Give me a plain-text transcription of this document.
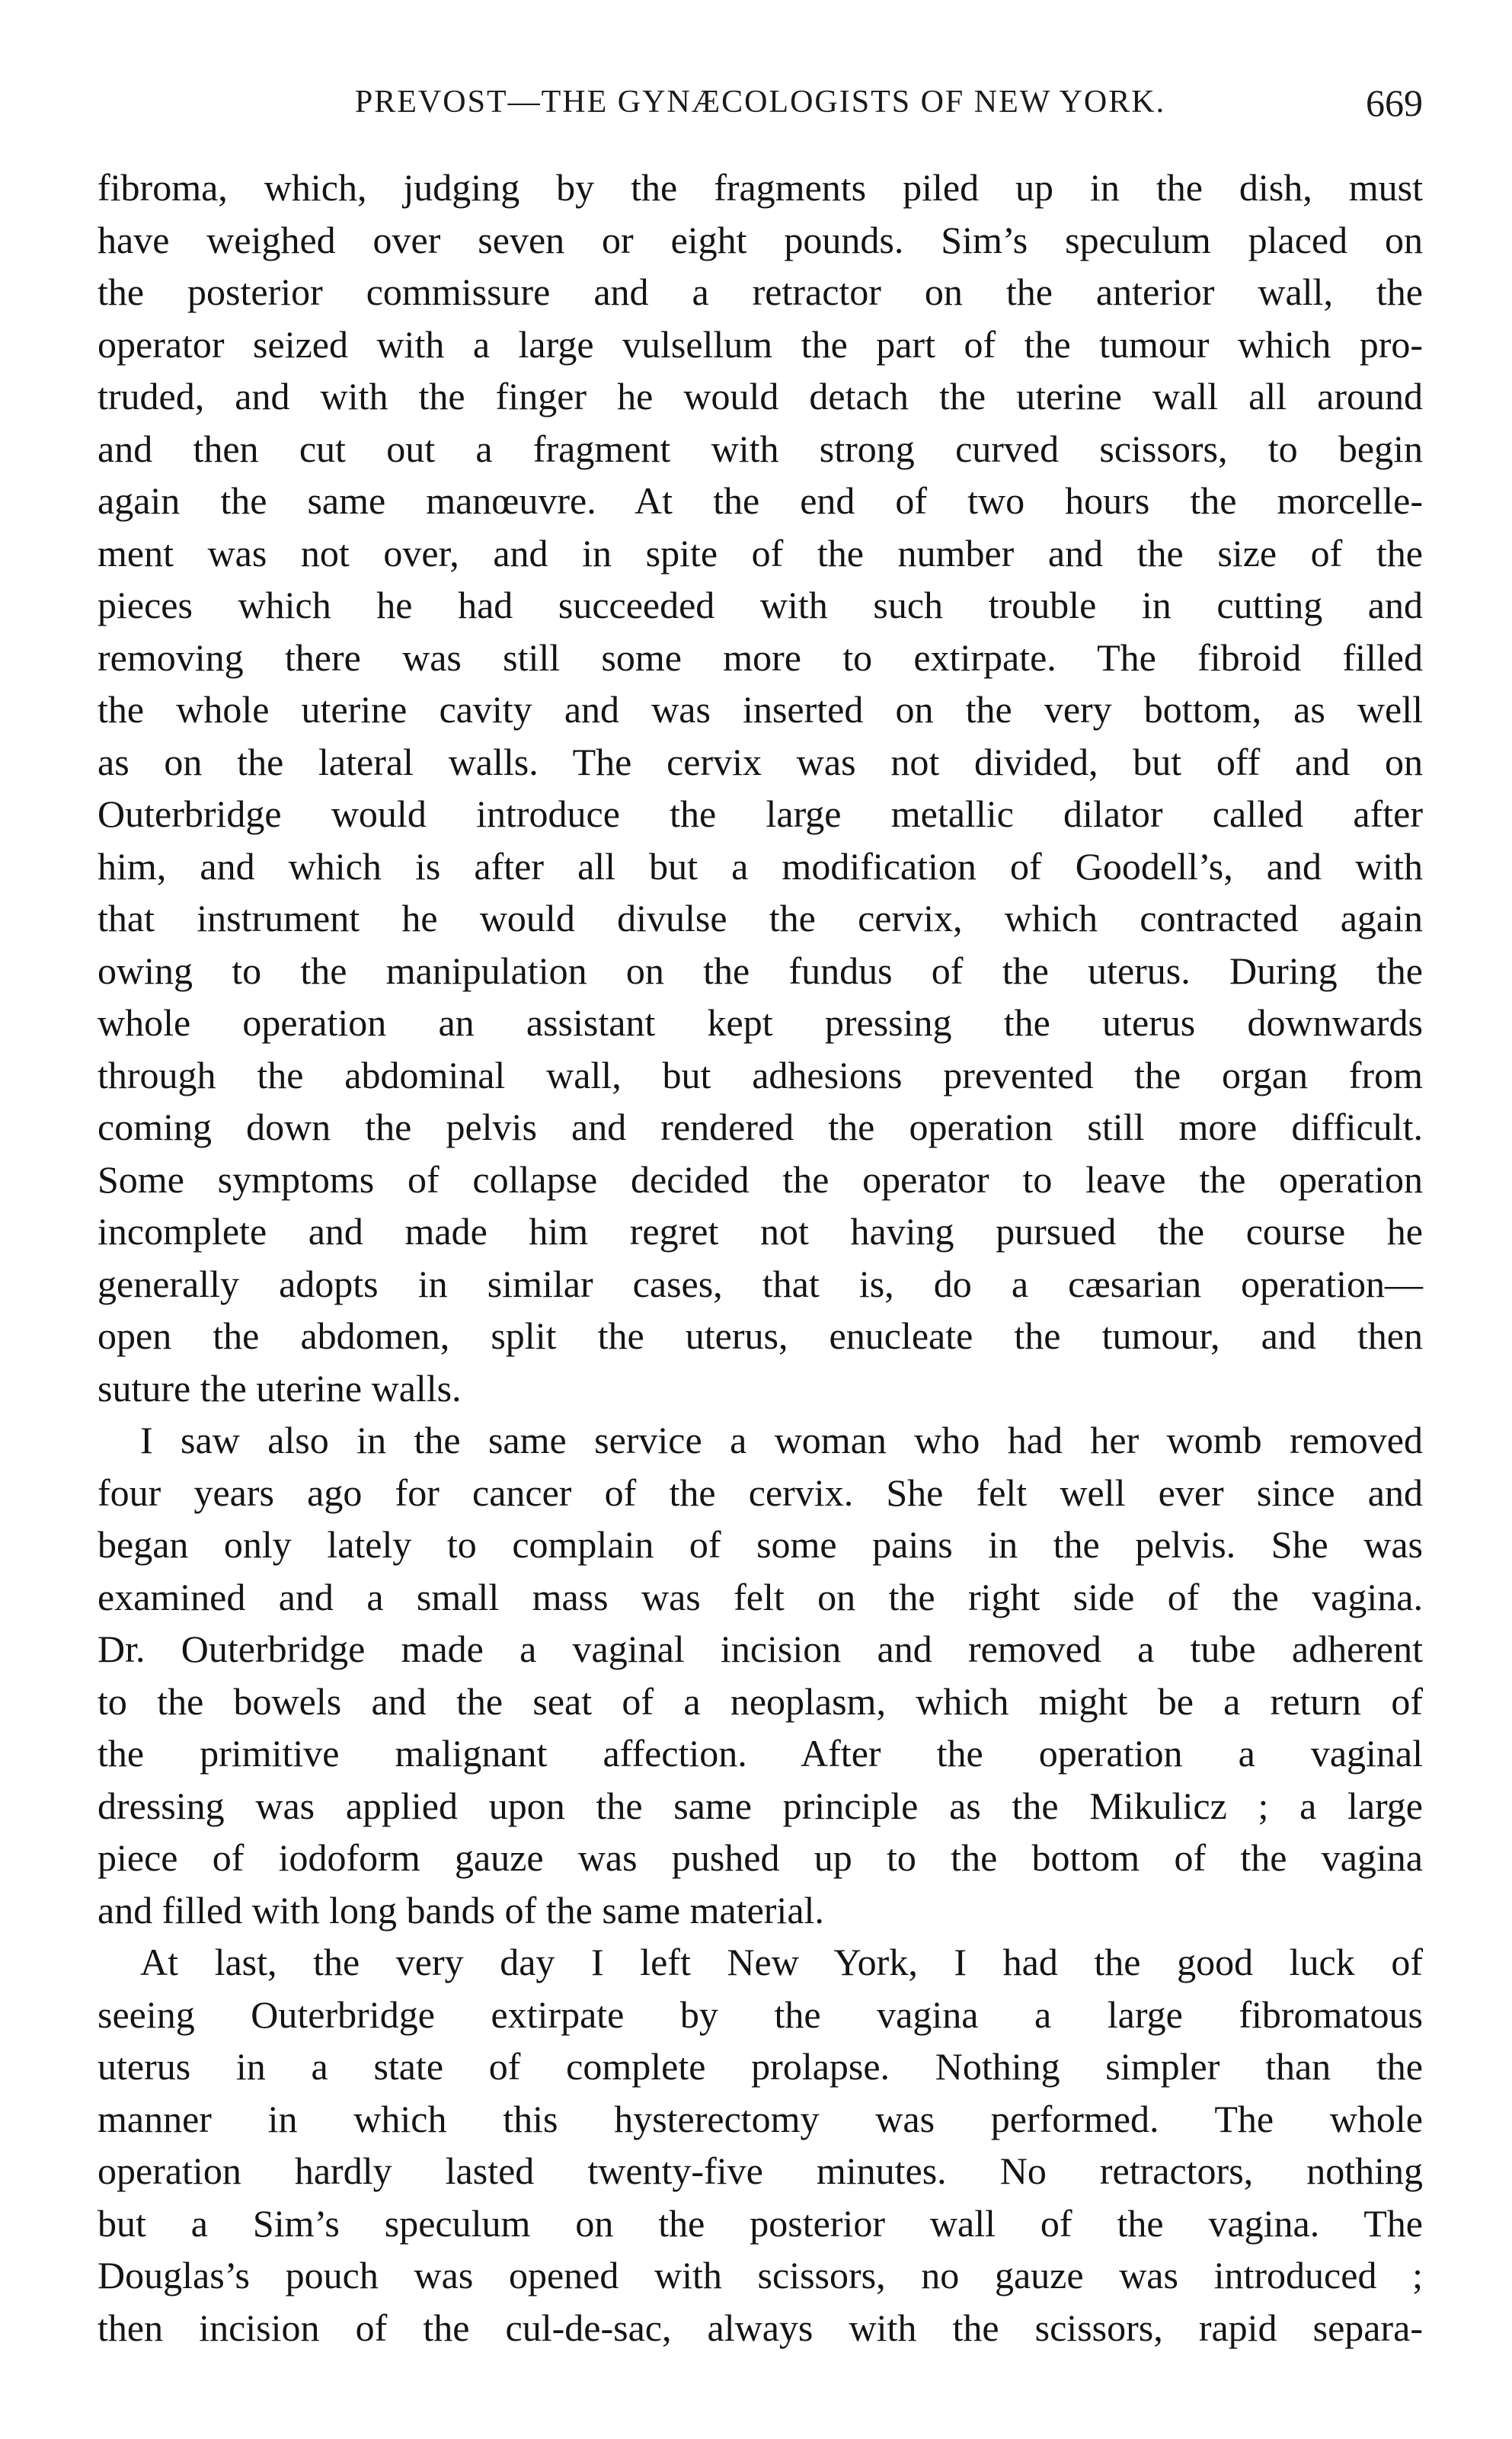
PREVOST—THE GYNÆCOLOGISTS OF NEW YORK.	669
fibroma, which, judging by the fragments piled up in the dish, must
have weighed over seven or eight pounds. Sim’s speculum placed on
the posterior commissure and a retractor on the anterior wall, the
operator seized with a large vulsellum the part of the tumour which pro-
truded, and with the finger he would detach the uterine wall all around
and then cut out a fragment with strong curved scissors, to begin
again the same manœuvre. At the end of two hours the morcelle-
ment was not over, and in spite of the number and the size of the
pieces which he had succeeded with such trouble in cutting and
removing there was still some more to extirpate. The fibroid filled
the whole uterine cavity and was inserted on the very bottom, as well
as on the lateral walls. The cervix was not divided, but off and on
Outerbridge would introduce the large metallic dilator called after
him, and which is after all but a modification of Goodell’s, and with
that instrument he would divulse the cervix, which contracted again
owing to the manipulation on the fundus of the uterus. During the
whole operation an assistant kept pressing the uterus downwards
through the abdominal wall, but adhesions prevented the organ from
coming down the pelvis and rendered the operation still more difficult.
Some symptoms of collapse decided the operator to leave the operation
incomplete and made him regret not having pursued the course he
generally adopts in similar cases, that is, do a cæsarian operation—
open the abdomen, split the uterus, enucleate the tumour, and then
suture the uterine walls.
I saw also in the same service a woman who had her womb removed
four years ago for cancer of the cervix. She felt well ever since and
began only lately to complain of some pains in the pelvis. She was
examined and a small mass was felt on the right side of the vagina.
Dr. Outerbridge made a vaginal incision and removed a tube adherent
to the bowels and the seat of a neoplasm, which might be a return of
the primitive malignant affection. After the operation a vaginal
dressing was applied upon the same principle as the Mikulicz ; a large
piece of iodoform gauze was pushed up to the bottom of the vagina
and filled with long bands of the same material.
At last, the very day I left New York, I had the good luck of
seeing Outerbridge extirpate by the vagina a large fibromatous
uterus in a state of complete prolapse. Nothing simpler than the
manner in which this hysterectomy was performed. The whole
operation hardly lasted twenty-five minutes. No retractors, nothing
but a Sim’s speculum on the posterior wall of the vagina. The
Douglas’s pouch was opened with scissors, no gauze was introduced ;
then incision of the cul-de-sac, always with the scissors, rapid separa-
